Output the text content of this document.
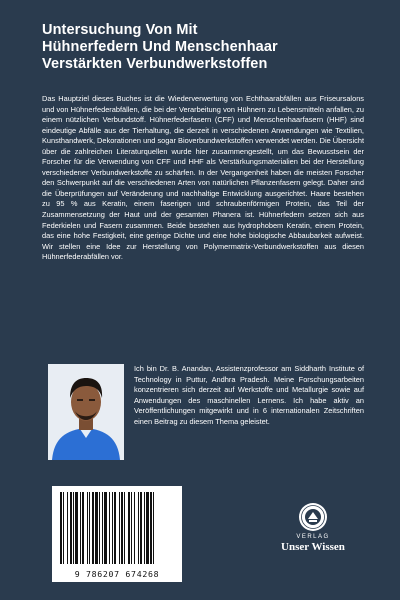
Untersuchung Von Mit
Hühnerfedern Und Menschenhaar
Verstärkten Verbundwerkstoffen

Das Hauptziel dieses Buches ist die Wiederverwertung von Echthaarabfällen aus Friseursalons und von Hühnerfederabfällen, die bei der Verarbeitung von Hühnern zu Lebensmitteln anfallen, zu einem nützlichen Verbundstoff. Hühnerfederfasern (CFF) und Menschenhaarfasern (HHF) sind eindeutige Abfälle aus der Tierhaltung, die derzeit in verschiedenen Anwendungen wie Textilien, Kunsthandwerk, Dekorationen und sogar Bioverbundwerkstoffen verwendet werden. Die Übersicht über die zahlreichen Literaturquellen wurde hier zusammengestellt, um das Bewusstsein der Forscher für die Verwendung von CFF und HHF als Verstärkungsmaterialien bei der Herstellung verschiedener Verbundwerkstoffe zu schärfen. In der Vergangenheit haben die meisten Forscher den Schwerpunkt auf die verschiedenen Arten von natürlichen Pflanzenfasern gelegt. Daher sind die Überprüfungen auf Veränderung und nachhaltige Entwicklung ausgerichtet. Haare bestehen zu 95 % aus Keratin, einem faserigen und schraubenförmigen Protein, das Teil der Zusammensetzung der Haut und der gesamten Phanera ist. Hühnerfedern setzen sich aus Federkielen und Fasern zusammen. Beide bestehen aus hydrophobem Keratin, einem Protein, das eine hohe Festigkeit, eine geringe Dichte und eine hohe biologische Abbaubarkeit aufweist. Wir stellen eine Idee zur Herstellung von Polymermatrix-Verbundwerkstoffen aus diesen Hühnerfederabfällen vor.

Ich bin Dr. B. Anandan, Assistenzprofessor am Siddharth Institute of Technology in Puttur, Andhra Pradesh. Meine Forschungsarbeiten konzentrieren sich derzeit auf Werkstoffe und Metallurgie sowie auf Anwendungen des maschinellen Lernens. Ich habe aktiv an Veröffentlichungen mitgewirkt und in 6 internationalen Zeitschriften einen Beitrag zu diesem Thema geleistet.

9 786207 674268
VERLAG
Unser Wissen
